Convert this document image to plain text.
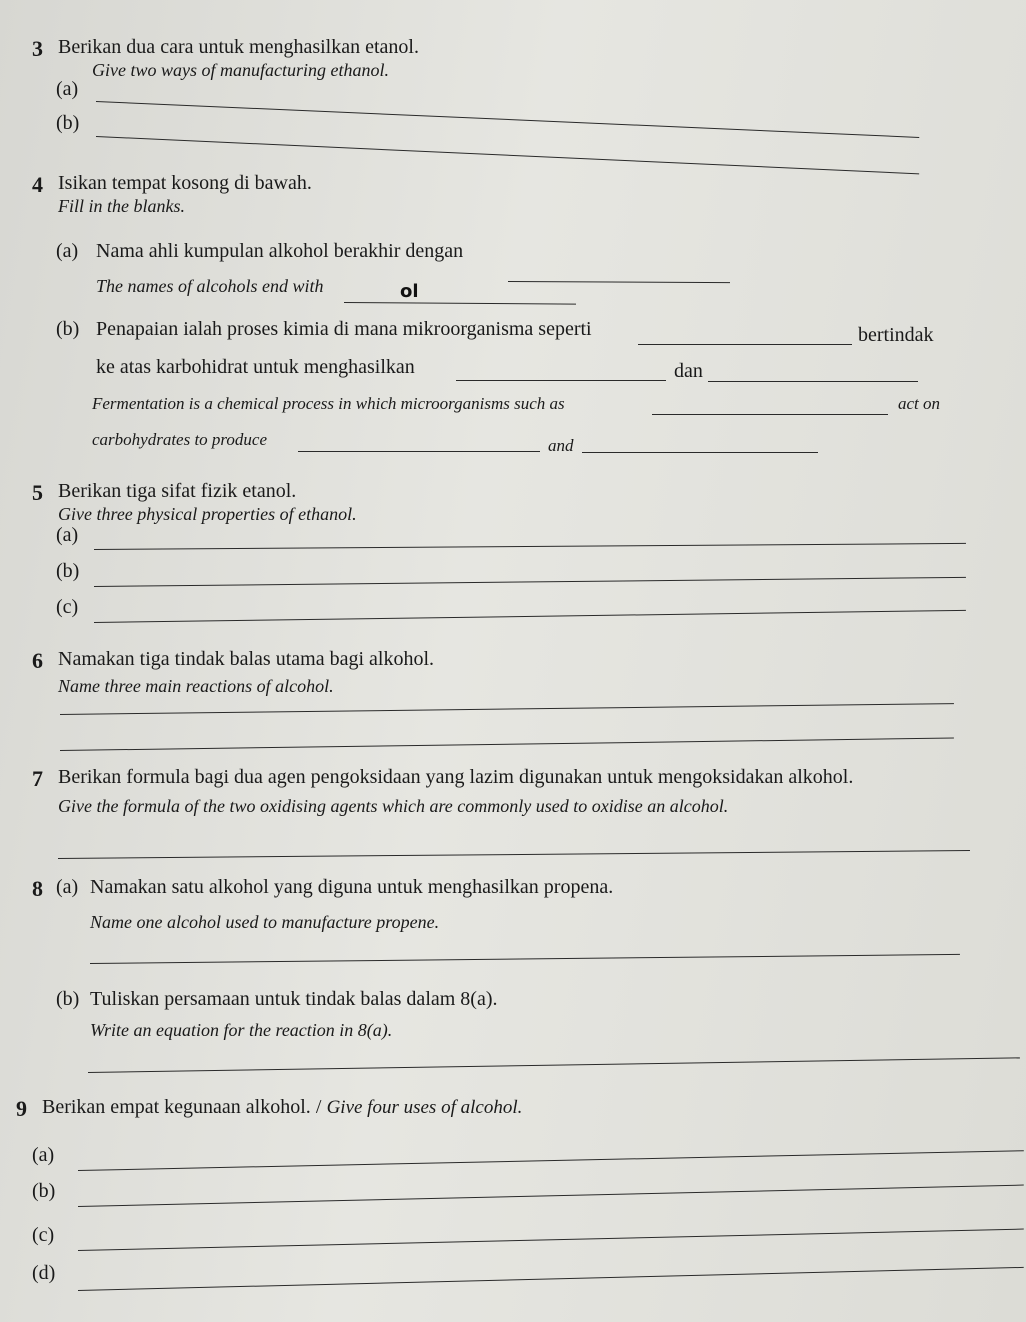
3 Berikan dua cara untuk menghasilkan etanol.
Give two ways of manufacturing ethanol.
(a)
(b)
4 Isikan tempat kosong di bawah.
Fill in the blanks.
(a) Nama ahli kumpulan alkohol berakhir dengan
The names of alcohols end with	ol
(b) Penapaian ialah proses kimia di mana mikroorganisma seperti	bertindak
ke atas karbohidrat untuk menghasilkan	dan
Fermentation is a chemical process in which microorganisms such as	act on
carbohydrates to produce	and
5 Berikan tiga sifat fizik etanol.
Give three physical properties of ethanol.
(a)
(b)
(c)
6 Namakan tiga tindak balas utama bagi alkohol.
Name three main reactions of alcohol.
7 Berikan formula bagi dua agen pengoksidaan yang lazim digunakan untuk mengoksidakan alkohol.
Give the formula of the two oxidising agents which are commonly used to oxidise an alcohol.
8 (a) Namakan satu alkohol yang diguna untuk menghasilkan propena.
Name one alcohol used to manufacture propene.
(b) Tuliskan persamaan untuk tindak balas dalam 8(a).
Write an equation for the reaction in 8(a).
9 Berikan empat kegunaan alkohol. / Give four uses of alcohol.
(a)
(b)
(c)
(d)
